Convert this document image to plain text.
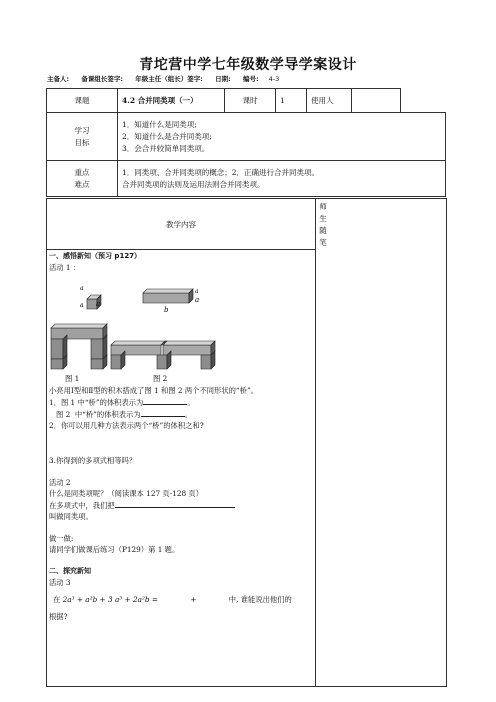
青坨营中学七年级数学导学案设计
主备人: 备课组长签字: 年级主任（组长）签字: 日期: 编号: 4-3
课题	4.2 合并同类项（一）	课时	1	使用人		

学习
目标	1．知道什么是同类项;
2．知道什么是合并同类项;
3．会合并较简单同类项。					

重点
难点	1．同类项、合并同类项的概念；2．正确进行合并同类项。
合并同类项的法则及运用法则合并同类项。					
教学内容
师
生
随
笔

一、感悟新知（预习 p127）

活动 1 ：

a
a
a
b
a
a
图 1	图 2

小亮用Ⅰ型和Ⅱ型的积木搭成了图 1 和图 2 两个不同形状的“桥”。

1．图 1 中“桥”的体积表示为	。

图 2  中“桥”的体积表示为	。

2．你可以用几种方法表示两个“桥”的体积之和?

3.你得到的多项式相等吗？

活动 2

什么是同类项呢？（阅读课本 127 页-128 页）

在多项式中，我们把

叫做同类项。

做一做:

请同学们做课后练习（P129）第 1 题。

二、探究新知

活动 3

在 2a³ + a²b + 3 a³ + 2a²b =	+	中, 谁能说出他们的

根据?
